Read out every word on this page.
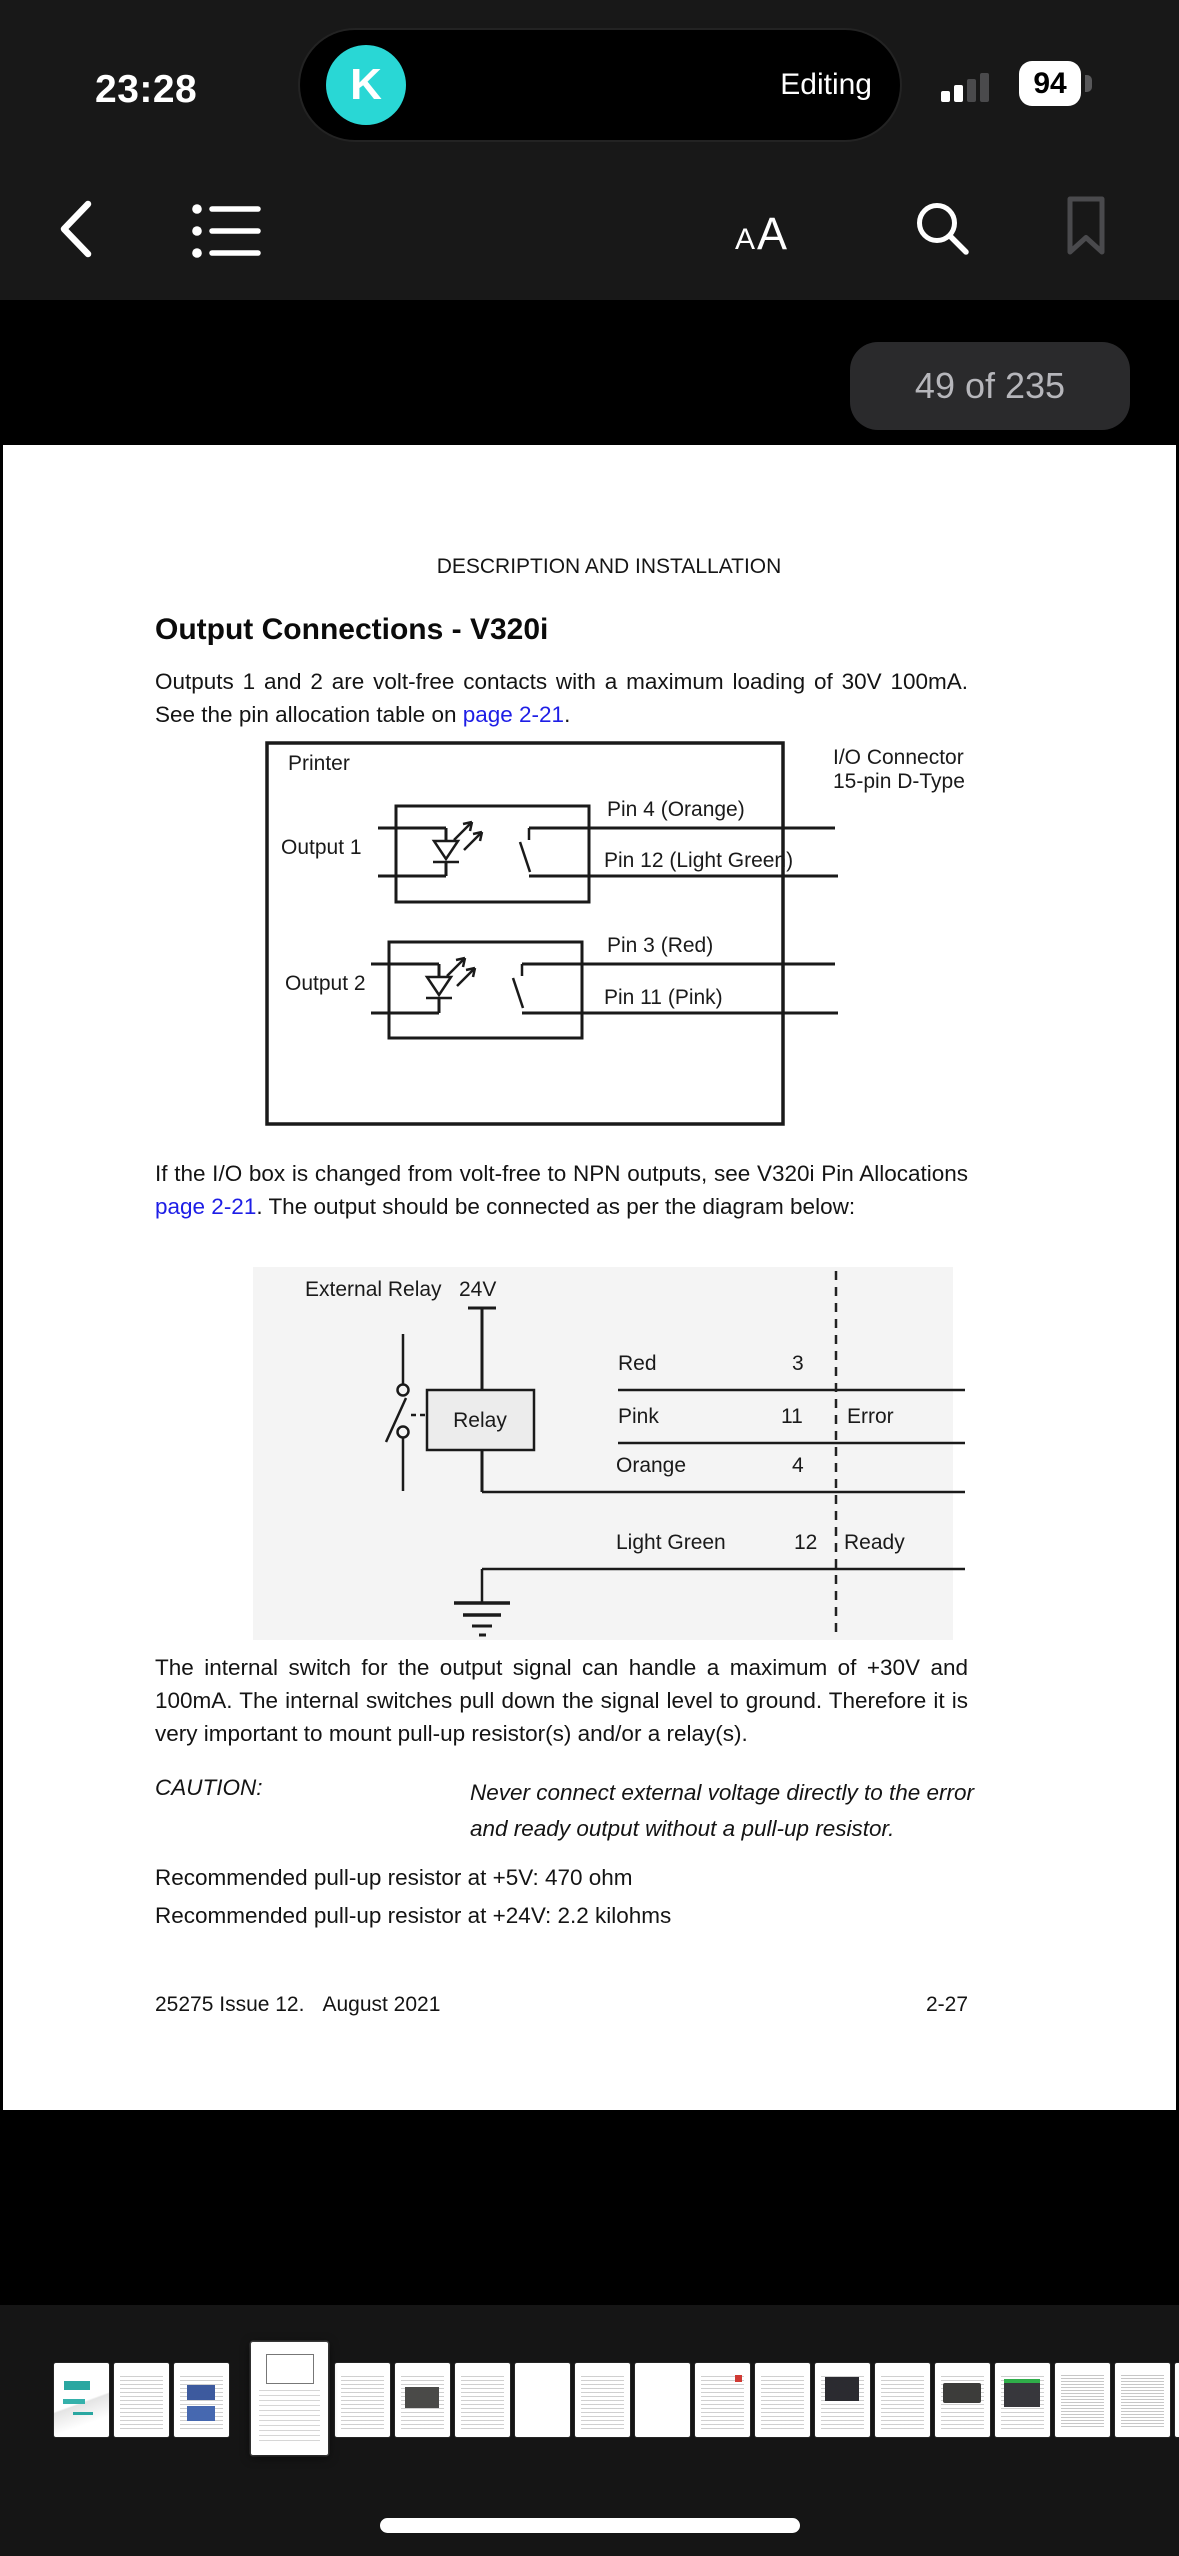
23:28	K	Editing	94
A A
49 of 235
DESCRIPTION AND INSTALLATION
Output Connections - V320i

Outputs 1 and 2 are volt-free contacts with a maximum loading of 30V 100mA. See the pin allocation table on page 2-21.

Printer	I/O Connector
15-pin D-Type
Output 1
Pin 4 (Orange)
Pin 12 (Light Green)
Output 2
Pin 3 (Red)
Pin 11 (Pink)

If the I/O box is changed from volt-free to NPN outputs, see V320i Pin Allocations page 2-21. The output should be connected as per the diagram below:

External Relay 24V
Relay
Red	3
Pink	11 Error
Orange	4
Light Green	12 Ready

The internal switch for the output signal can handle a maximum of +30V and 100mA. The internal switches pull down the signal level to ground. Therefore it is very important to mount pull-up resistor(s) and/or a relay(s).

CAUTION:	Never connect external voltage directly to the error and ready output without a pull-up resistor.
Recommended pull-up resistor at +5V: 470 ohm
Recommended pull-up resistor at +24V: 2.2 kilohms
25275 Issue 12. August 2021	2-27
